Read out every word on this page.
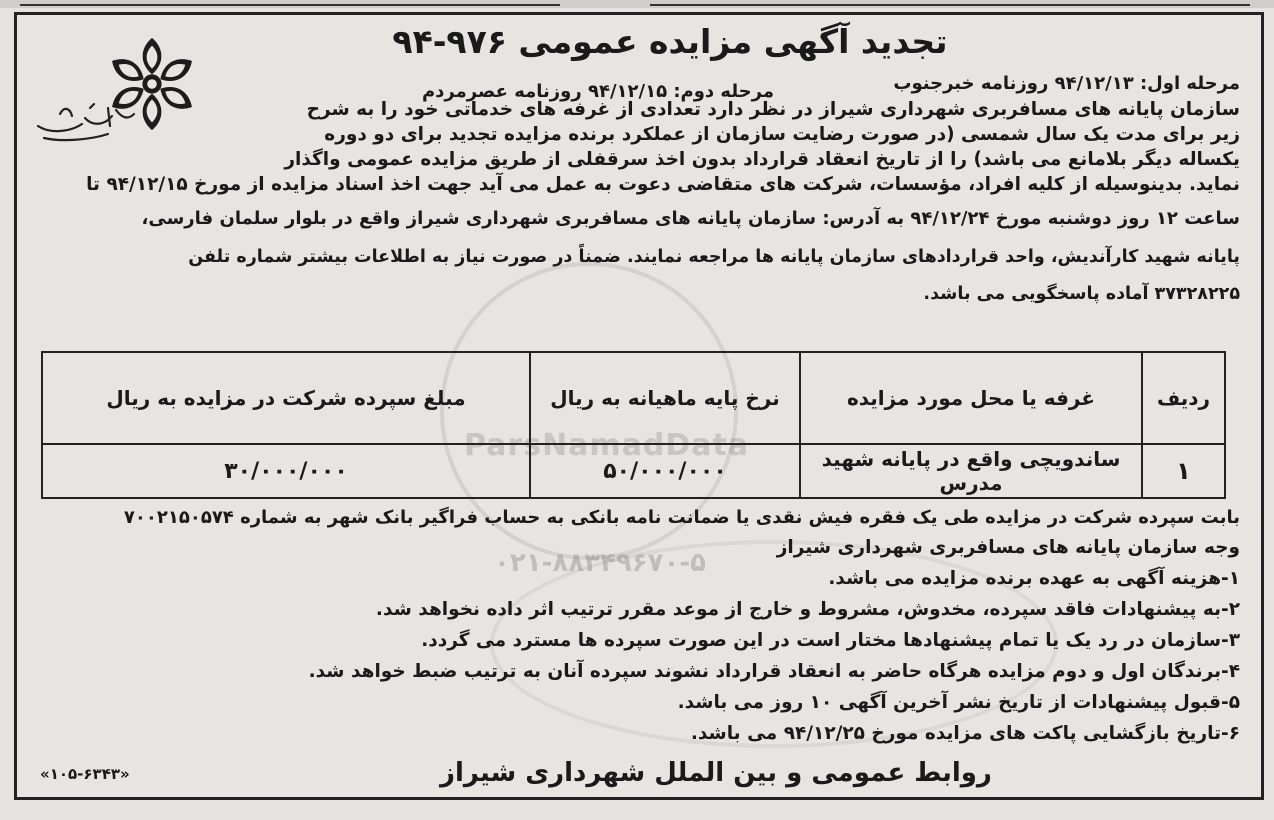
تجدید آگهی مزایده عمومی ۹۷۶-۹۴
مرحله اول: ۹۴/۱۲/۱۳ روزنامه خبرجنوب
مرحله دوم: ۹۴/۱۲/۱۵ روزنامه عصرمردم
سازمان پایانه های مسافربری شهرداری شیراز در نظر دارد تعدادی از غرفه های خدماتی خود را به شرح
زیر برای مدت یک سال شمسی (در صورت رضایت سازمان از عملکرد برنده مزایده تجدید برای دو دوره
یکساله دیگر بلامانع می باشد) را از تاریخ انعقاد قرارداد بدون اخذ سرقفلی از طریق مزایده عمومی واگذار
نماید. بدینوسیله از کلیه افراد، مؤسسات، شرکت های متقاضی دعوت به عمل می آید جهت اخذ اسناد مزایده از مورخ ۹۴/۱۲/۱۵ تا
ساعت ۱۲ روز دوشنبه مورخ ۹۴/۱۲/۲۴ به آدرس: سازمان پایانه های مسافربری شهرداری شیراز واقع در بلوار سلمان فارسی،
پایانه شهید کارآندیش، واحد قراردادهای سازمان پایانه ها مراجعه نمایند. ضمناً در صورت نیاز به اطلاعات بیشتر شماره تلفن
۳۷۳۲۸۲۲۵ آماده پاسخگویی می باشد.
ParsNamadData
ردیف	غرفه یا محل مورد مزایده	نرخ پایه ماهیانه به ریال	مبلغ سپرده شرکت در مزایده به ریال
۱	ساندویچی واقع در پایانه شهید مدرس	۵۰/۰۰۰/۰۰۰	۳۰/۰۰۰/۰۰۰
بابت سپرده شرکت در مزایده طی یک فقره فیش نقدی یا ضمانت نامه بانکی به حساب فراگیر بانک شهر به شماره ۷۰۰۲۱۵۰۵۷۴
وجه سازمان پایانه های مسافربری شهرداری شیراز
۰۲۱-۸۸۳۴۹۶۷۰-۵
۱-هزینه آگهی به عهده برنده مزایده می باشد.
۲-به پیشنهادات فاقد سپرده، مخدوش، مشروط و خارج از موعد مقرر ترتیب اثر داده نخواهد شد.
۳-سازمان در رد یک یا تمام پیشنهادها مختار است در این صورت سپرده ها مسترد می گردد.
۴-برندگان اول و دوم مزایده هرگاه حاضر به انعقاد قرارداد نشوند سپرده آنان به ترتیب ضبط خواهد شد.
۵-قبول پیشنهادات از تاریخ نشر آخرین آگهی ۱۰ روز می باشد.
۶-تاریخ بازگشایی پاکت های مزایده مورخ ۹۴/۱۲/۲۵ می باشد.
روابط عمومی و بین الملل شهرداری شیراز
«۱۰۵-۶۳۴۳»
